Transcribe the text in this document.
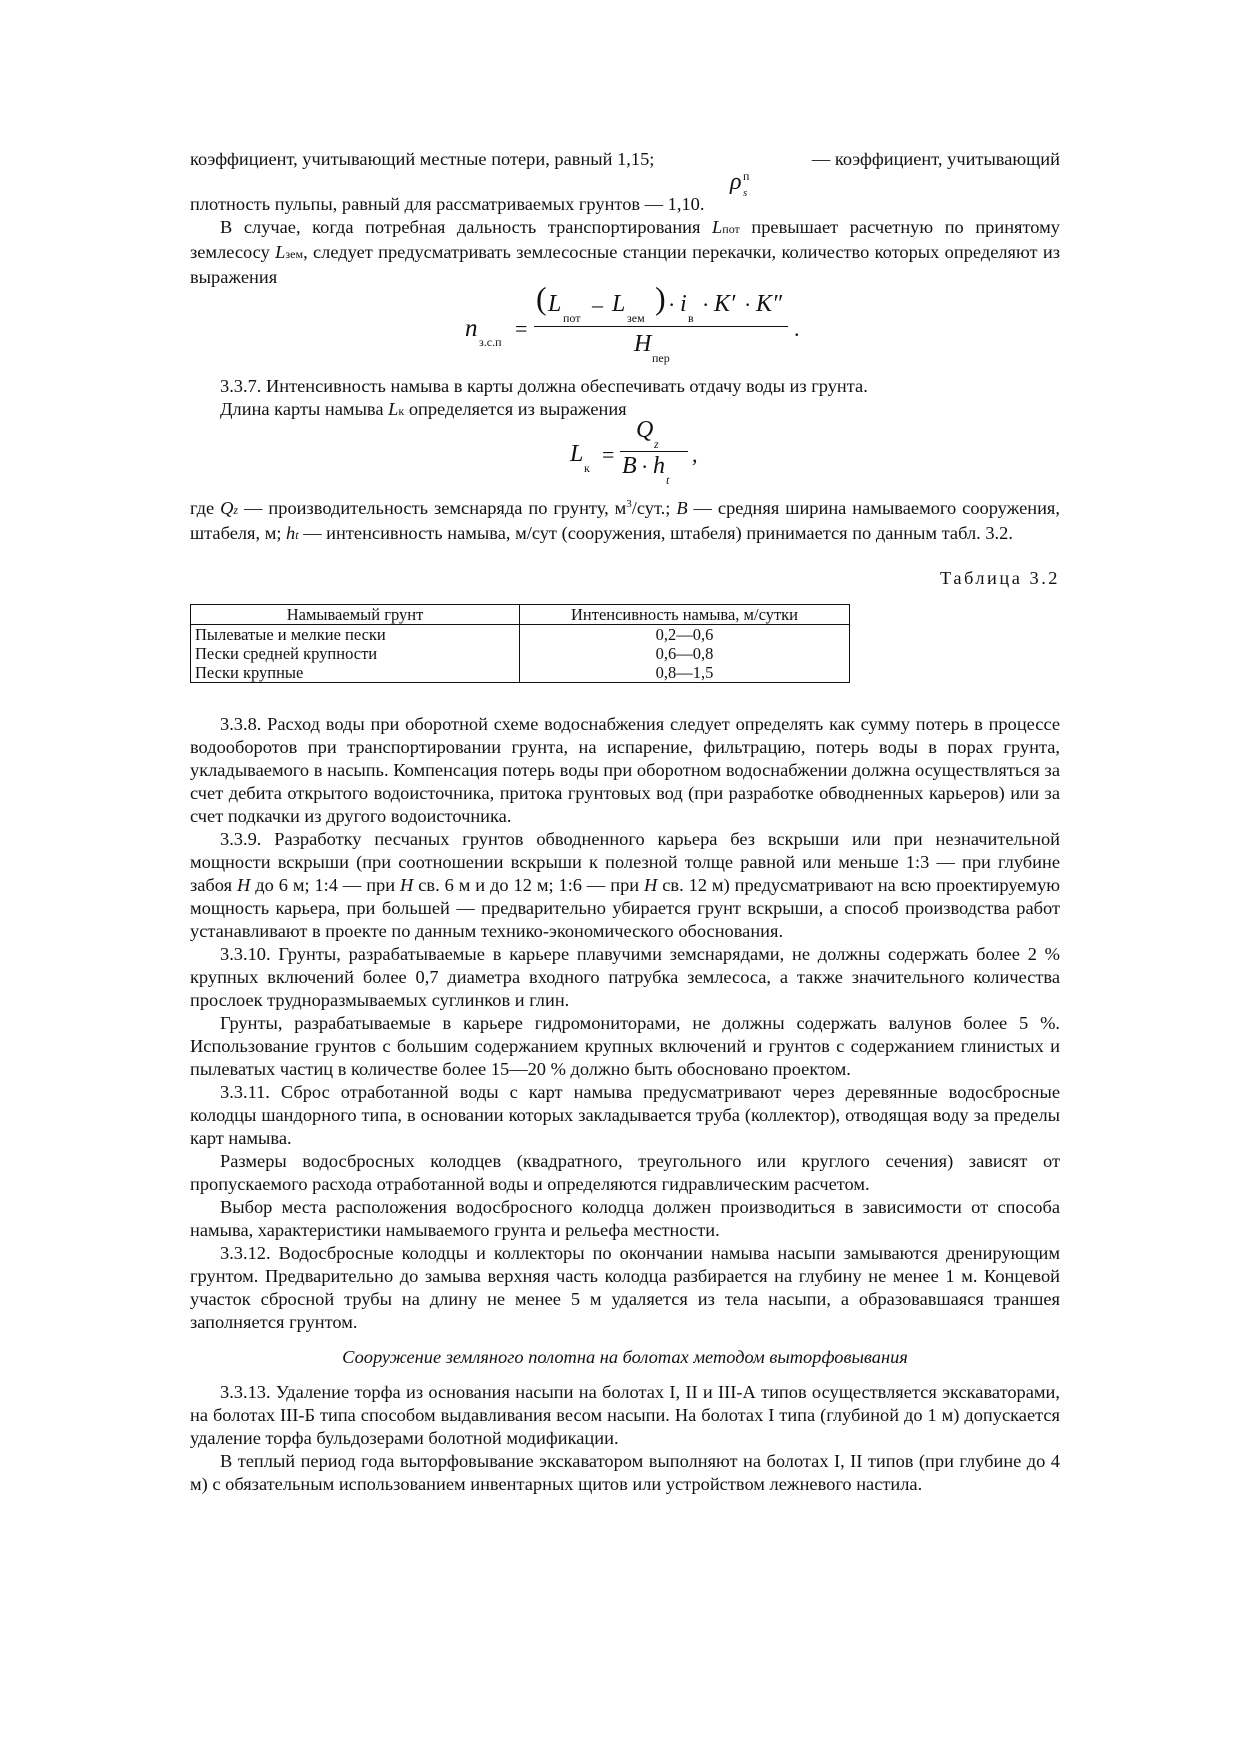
коэффициент, учитывающий местные потери, равный 1,15;	— коэффициент, учитывающий
ρ п
s

плотность пульпы, равный для рассматриваемых грунтов — 1,10.

В случае, когда потребная дальность транспортирования Lпот превышает расчетную по принятому землесосу Lзем, следует предусматривать землесосные станции перекачки, количество которых определяют из выражения

n з.с.п
=
( L
пот
– L
зем
) · i
в
· K′ · K″
H
пер
.

3.3.7. Интенсивность намыва в карты должна обеспечивать отдачу воды из грунта.

Длина карты намыва Lк определяется из выражения

L
к
=
Q
z
B · h
t
,

где Qz — производительность земснаряда по грунту, $м^3$/сут.; B — средняя ширина намываемого сооружения, штабеля, м; ht — интенсивность намыва, м/сут (сооружения, штабеля) принимается по данным табл. 3.2.

Таблица 3.2
Намываемый грунт	Интенсивность намыва, м/сутки
Пылеватые и мелкие пески	0,2—0,6
Пески средней крупности	0,6—0,8
Пески крупные	0,8—1,5

3.3.8. Расход воды при оборотной схеме водоснабжения следует определять как сумму потерь в процессе водооборотов при транспортировании грунта, на испарение, фильтрацию, потерь воды в порах грунта, укладываемого в насыпь. Компенсация потерь воды при оборотном водоснабжении должна осуществляться за счет дебита открытого водоисточника, притока грунтовых вод (при разработке обводненных карьеров) или за счет подкачки из другого водоисточника.

3.3.9. Разработку песчаных грунтов обводненного карьера без вскрыши или при незначительной мощности вскрыши (при соотношении вскрыши к полезной толще равной или меньше 1:3 — при глубине забоя H до 6 м; 1:4 — при H св. 6 м и до 12 м; 1:6 — при H св. 12 м) предусматривают на всю проектируемую мощность карьера, при большей — предварительно убирается грунт вскрыши, а способ производства работ устанавливают в проекте по данным технико-экономического обоснования.

3.3.10. Грунты, разрабатываемые в карьере плавучими земснарядами, не должны содержать более 2 % крупных включений более 0,7 диаметра входного патрубка землесоса, а также значительного количества прослоек трудноразмываемых суглинков и глин.

Грунты, разрабатываемые в карьере гидромониторами, не должны содержать валунов более 5 %. Использование грунтов с большим содержанием крупных включений и грунтов с содержанием глинистых и пылеватых частиц в количестве более 15—20 % должно быть обосновано проектом.

3.3.11. Сброс отработанной воды с карт намыва предусматривают через деревянные водосбросные колодцы шандорного типа, в основании которых закладывается труба (коллектор), отводящая воду за пределы карт намыва.

Размеры водосбросных колодцев (квадратного, треугольного или круглого сечения) зависят от пропускаемого расхода отработанной воды и определяются гидравлическим расчетом.

Выбор места расположения водосбросного колодца должен производиться в зависимости от способа намыва, характеристики намываемого грунта и рельефа местности.

3.3.12. Водосбросные колодцы и коллекторы по окончании намыва насыпи замываются дренирующим грунтом. Предварительно до замыва верхняя часть колодца разбирается на глубину не менее 1 м. Концевой участок сбросной трубы на длину не менее 5 м удаляется из тела насыпи, а образовавшаяся траншея заполняется грунтом.

Сооружение земляного полотна на болотах методом выторфовывания

3.3.13. Удаление торфа из основания насыпи на болотах I, II и III-А типов осуществляется экскаваторами, на болотах III-Б типа способом выдавливания весом насыпи. На болотах I типа (глубиной до 1 м) допускается удаление торфа бульдозерами болотной модификации.

В теплый период года выторфовывание экскаватором выполняют на болотах I, II типов (при глубине до 4 м) с обязательным использованием инвентарных щитов или устройством лежневого настила.
